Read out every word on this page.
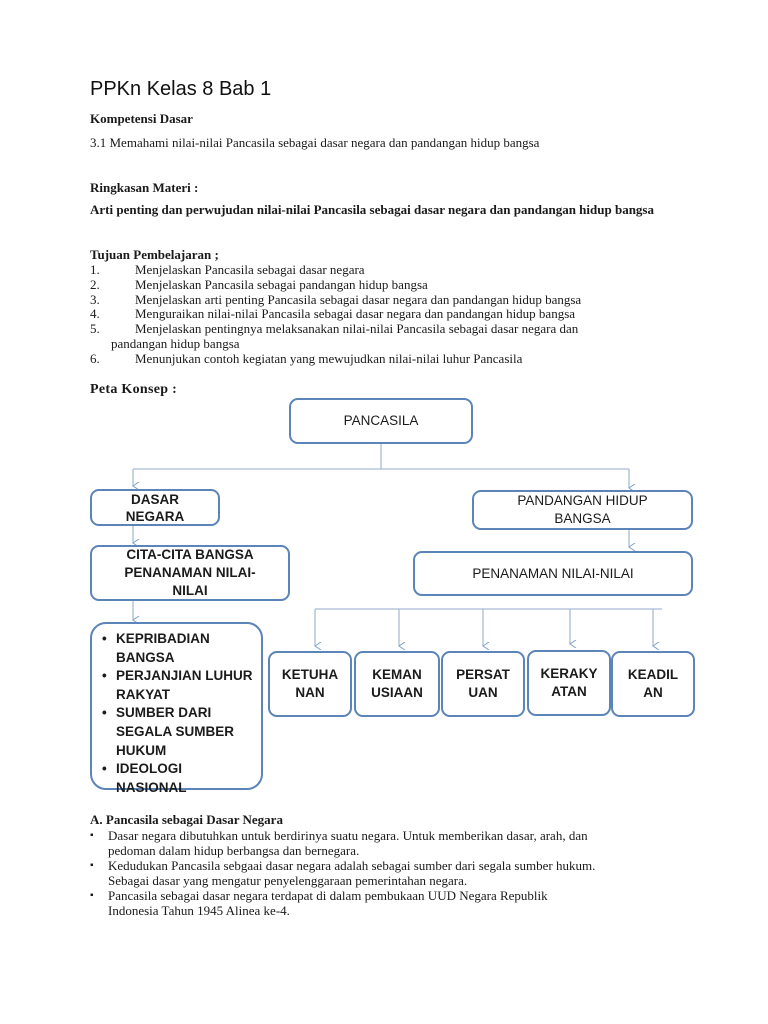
PPKn Kelas 8 Bab 1
Kompetensi Dasar
3.1 Memahami nilai-nilai Pancasila sebagai dasar negara dan pandangan hidup bangsa
Ringkasan Materi :
Arti penting dan perwujudan nilai-nilai Pancasila sebagai dasar negara dan pandangan hidup bangsa
Tujuan Pembelajaran ;
1.	Menjelaskan Pancasila sebagai dasar negara
2.	Menjelaskan Pancasila sebagai pandangan hidup bangsa
3.	Menjelaskan arti penting Pancasila sebagai dasar negara dan pandangan hidup bangsa
4.	Menguraikan nilai-nilai Pancasila sebagai dasar negara dan pandangan hidup bangsa
5.	Menjelaskan pentingnya melaksanakan nilai-nilai Pancasila sebagai dasar negara dan
pandangan hidup bangsa
6.	Menunjukan contoh kegiatan yang mewujudkan nilai-nilai luhur Pancasila
Peta Konsep :
PANCASILA
DASAR
NEGARA
PANDANGAN HIDUP
BANGSA
CITA-CITA BANGSA
PENANAMAN NILAI-
NILAI
PENANAMAN NILAI-NILAI
• KEPRIBADIAN BANGSA
• PERJANJIAN LUHUR RAKYAT
• SUMBER DARI SEGALA SUMBER HUKUM
• IDEOLOGI NASIONAL
KETUHA
NAN
KEMAN
USIAAN
PERSAT
UAN
KERAKY
ATAN
KEADIL
AN
A. Pancasila sebagai Dasar Negara
▪ Dasar negara dibutuhkan untuk berdirinya suatu negara. Untuk memberikan dasar, arah, dan
pedoman dalam hidup berbangsa dan bernegara.
▪ Kedudukan Pancasila sebgaai dasar negara adalah sebagai sumber dari segala sumber hukum.
Sebagai dasar yang mengatur penyelenggaraan pemerintahan negara.
▪ Pancasila sebagai dasar negara terdapat di dalam pembukaan UUD Negara Republik
Indonesia Tahun 1945 Alinea ke-4.
